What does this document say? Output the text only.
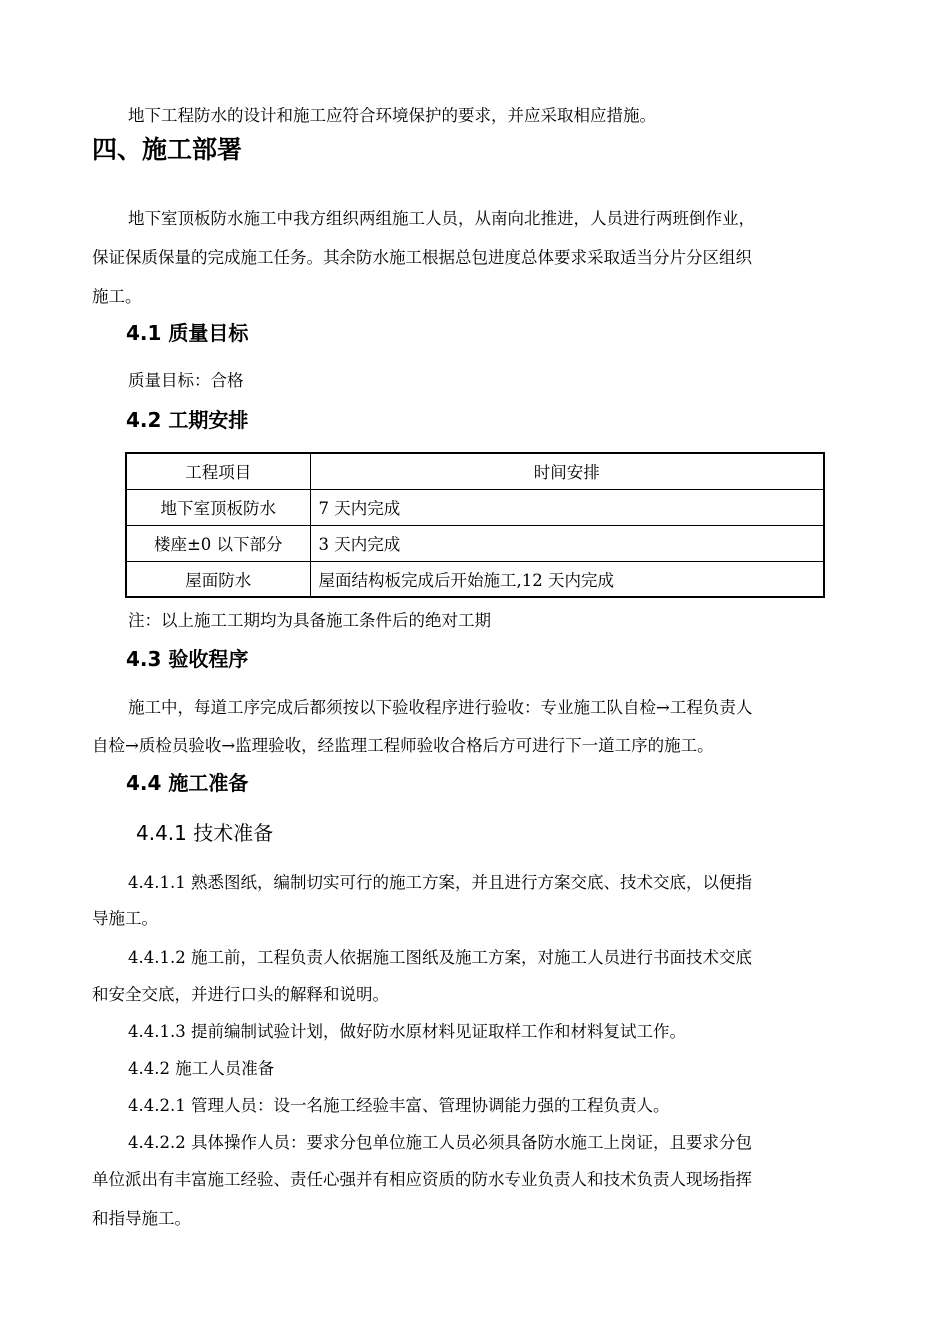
地下工程防水的设计和施工应符合环境保护的要求，并应采取相应措施。
四、施工部署
地下室顶板防水施工中我方组织两组施工人员，从南向北推进，人员进行两班倒作业，
保证保质保量的完成施工任务。其余防水施工根据总包进度总体要求采取适当分片分区组织
施工。
4.1 质量目标
质量目标：合格
4.2 工期安排
工程项目	时间安排
地下室顶板防水	7 天内完成
楼座±0 以下部分	3 天内完成
屋面防水	屋面结构板完成后开始施工,12 天内完成
注：以上施工工期均为具备施工条件后的绝对工期
4.3 验收程序
施工中，每道工序完成后都须按以下验收程序进行验收：专业施工队自检→工程负责人
自检→质检员验收→监理验收，经监理工程师验收合格后方可进行下一道工序的施工。
4.4 施工准备
4.4.1 技术准备
4.4.1.1 熟悉图纸，编制切实可行的施工方案，并且进行方案交底、技术交底，以便指
导施工。
4.4.1.2 施工前，工程负责人依据施工图纸及施工方案，对施工人员进行书面技术交底
和安全交底，并进行口头的解释和说明。
4.4.1.3 提前编制试验计划，做好防水原材料见证取样工作和材料复试工作。
4.4.2 施工人员准备
4.4.2.1 管理人员：设一名施工经验丰富、管理协调能力强的工程负责人。
4.4.2.2 具体操作人员：要求分包单位施工人员必须具备防水施工上岗证，且要求分包
单位派出有丰富施工经验、责任心强并有相应资质的防水专业负责人和技术负责人现场指挥
和指导施工。
